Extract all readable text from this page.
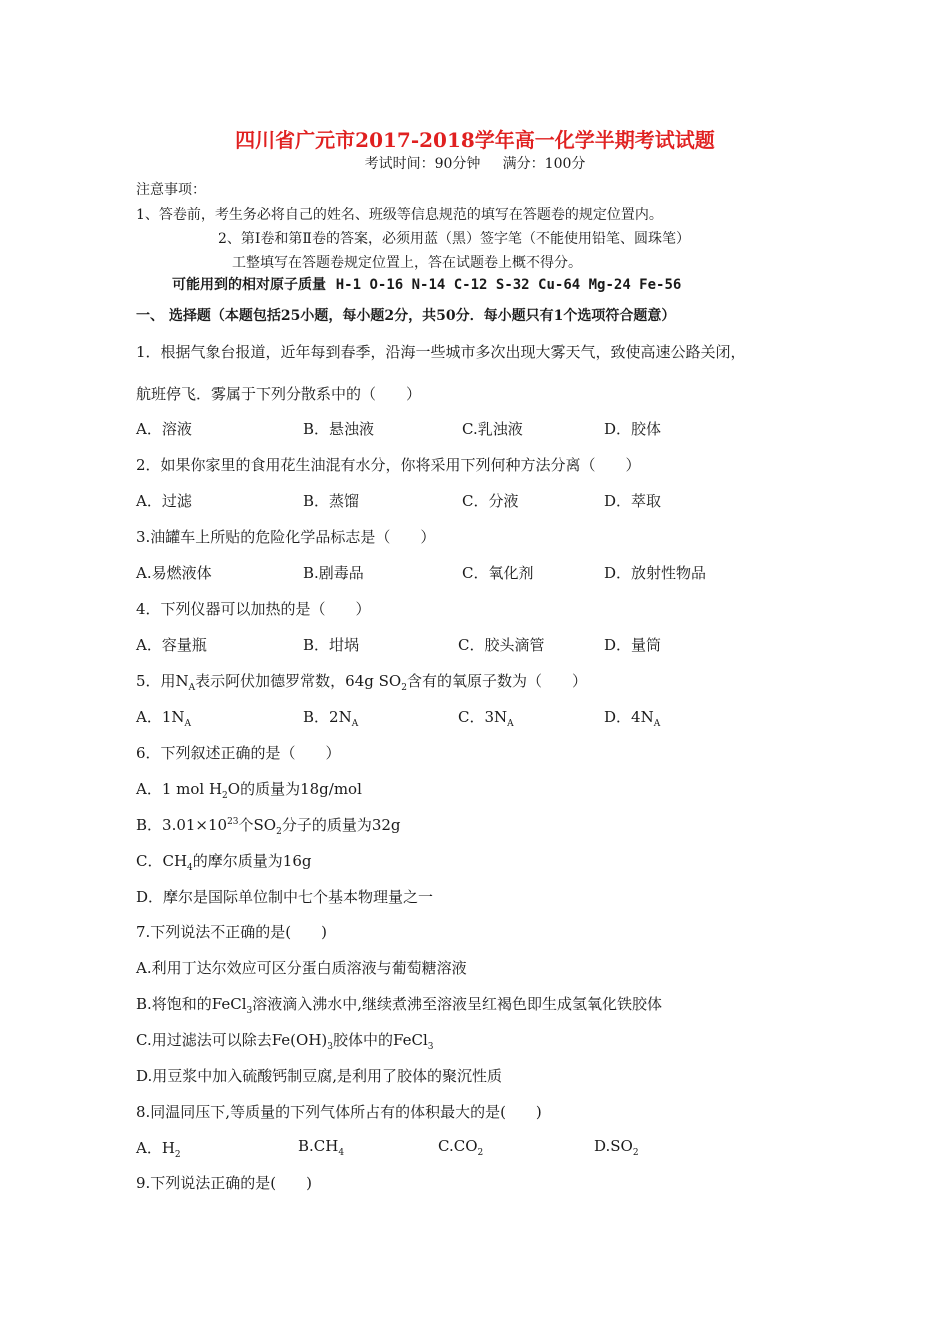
四川省广元市2017-2018学年高一化学半期考试试题
考试时间：90分钟 满分：100分
注意事项：
1、答卷前，考生务必将自己的姓名、班级等信息规范的填写在答题卷的规定位置内。
2、第Ⅰ卷和第Ⅱ卷的答案，必须用蓝（黑）签字笔（不能使用铅笔、圆珠笔）
工整填写在答题卷规定位置上，答在试题卷上概不得分。
可能用到的相对原子质量 H-1 O-16 N-14 C-12 S-32 Cu-64 Mg-24 Fe-56
一、 选择题（本题包括25小题，每小题2分，共50分．每小题只有1个选项符合题意）
1．根据气象台报道，近年每到春季，沿海一些城市多次出现大雾天气，致使高速公路关闭，
航班停飞．雾属于下列分散系中的（　　）
A．溶液	B．悬浊液	C.乳浊液	D．胶体
2．如果你家里的食用花生油混有水分，你将采用下列何种方法分离（　　）
A．过滤	B．蒸馏	C．分液	D．萃取
3.油罐车上所贴的危险化学品标志是（　　）
A.易燃液体	B.剧毒品	C．氧化剂	D．放射性物品
4．下列仪器可以加热的是（　　）
A．容量瓶	B．坩埚	C．胶头滴管	D．量筒
5．用$N_A$表示阿伏加德罗常数，64g $SO_2$含有的氧原子数为（　　）
A．$1N_A$	B．$2N_A$	C．$3N_A$	D．$4N_A$
6．下列叙述正确的是（　　）
A．1 mol $H_2O$的质量为18g/mol
B．$3.01\times 10^{23}$个$SO_2$分子的质量为32g
C．$CH_4$的摩尔质量为16g
D．摩尔是国际单位制中七个基本物理量之一
7.下列说法不正确的是(　　)
A.利用丁达尔效应可区分蛋白质溶液与葡萄糖溶液
B.将饱和的FeCl$_3$溶液滴入沸水中,继续煮沸至溶液呈红褐色即生成氢氧化铁胶体
C.用过滤法可以除去$Fe(OH)_3$胶体中的FeCl$_3$
D.用豆浆中加入硫酸钙制豆腐,是利用了胶体的聚沉性质
8.同温同压下,等质量的下列气体所占有的体积最大的是(　　)
A．$H_2$	$B.CH_4$	$C.CO_2$	$D.SO_2$
9.下列说法正确的是(　　)
